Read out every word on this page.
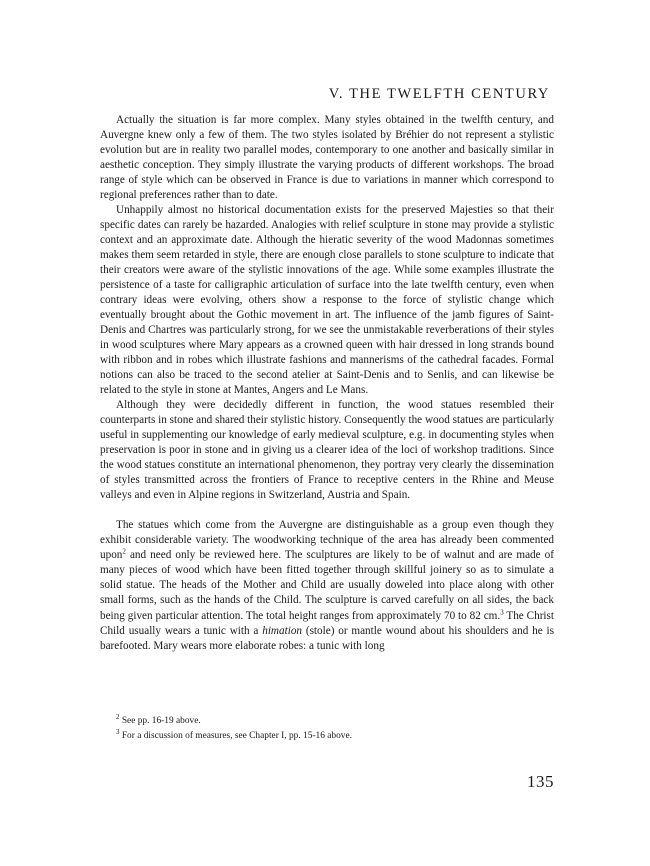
V. THE TWELFTH CENTURY

Actually the situation is far more complex. Many styles obtained in the twelfth century, and Auvergne knew only a few of them. The two styles isolated by Bréhier do not represent a stylistic evolution but are in reality two parallel modes, contemporary to one another and basically similar in aesthetic conception. They simply illustrate the varying products of different workshops. The broad range of style which can be observed in France is due to variations in manner which correspond to regional preferences rather than to date.

Unhappily almost no historical documentation exists for the preserved Majesties so that their specific dates can rarely be hazarded. Analogies with relief sculpture in stone may provide a stylistic context and an approximate date. Although the hieratic severity of the wood Madonnas sometimes makes them seem retarded in style, there are enough close parallels to stone sculpture to indicate that their creators were aware of the stylistic innovations of the age. While some examples illustrate the persistence of a taste for calligraphic articulation of surface into the late twelfth century, even when contrary ideas were evolving, others show a response to the force of stylistic change which eventually brought about the Gothic movement in art. The influence of the jamb figures of Saint-Denis and Chartres was particularly strong, for we see the unmistakable reverberations of their styles in wood sculptures where Mary appears as a crowned queen with hair dressed in long strands bound with ribbon and in robes which illustrate fashions and mannerisms of the cathedral facades. Formal notions can also be traced to the second atelier at Saint-Denis and to Senlis, and can likewise be related to the style in stone at Mantes, Angers and Le Mans.

Although they were decidedly different in function, the wood statues resembled their counterparts in stone and shared their stylistic history. Consequently the wood statues are particularly useful in supplementing our knowledge of early medieval sculpture, e.g. in documenting styles when preservation is poor in stone and in giving us a clearer idea of the loci of workshop traditions. Since the wood statues constitute an international phenomenon, they portray very clearly the dissemination of styles transmitted across the frontiers of France to receptive centers in the Rhine and Meuse valleys and even in Alpine regions in Switzerland, Austria and Spain.

The statues which come from the Auvergne are distinguishable as a group even though they exhibit considerable variety. The woodworking technique of the area has already been commented upon$^2$ and need only be reviewed here. The sculptures are likely to be of walnut and are made of many pieces of wood which have been fitted together through skillful joinery so as to simulate a solid statue. The heads of the Mother and Child are usually doweled into place along with other small forms, such as the hands of the Child. The sculpture is carved carefully on all sides, the back being given particular attention. The total height ranges from approximately 70 to 82 cm.$^3$ The Christ Child usually wears a tunic with a himation (stole) or mantle wound about his shoulders and he is barefooted. Mary wears more elaborate robes: a tunic with long

$^2$ See pp. 16-19 above.
$^3$ For a discussion of measures, see Chapter I, pp. 15-16 above.
135
